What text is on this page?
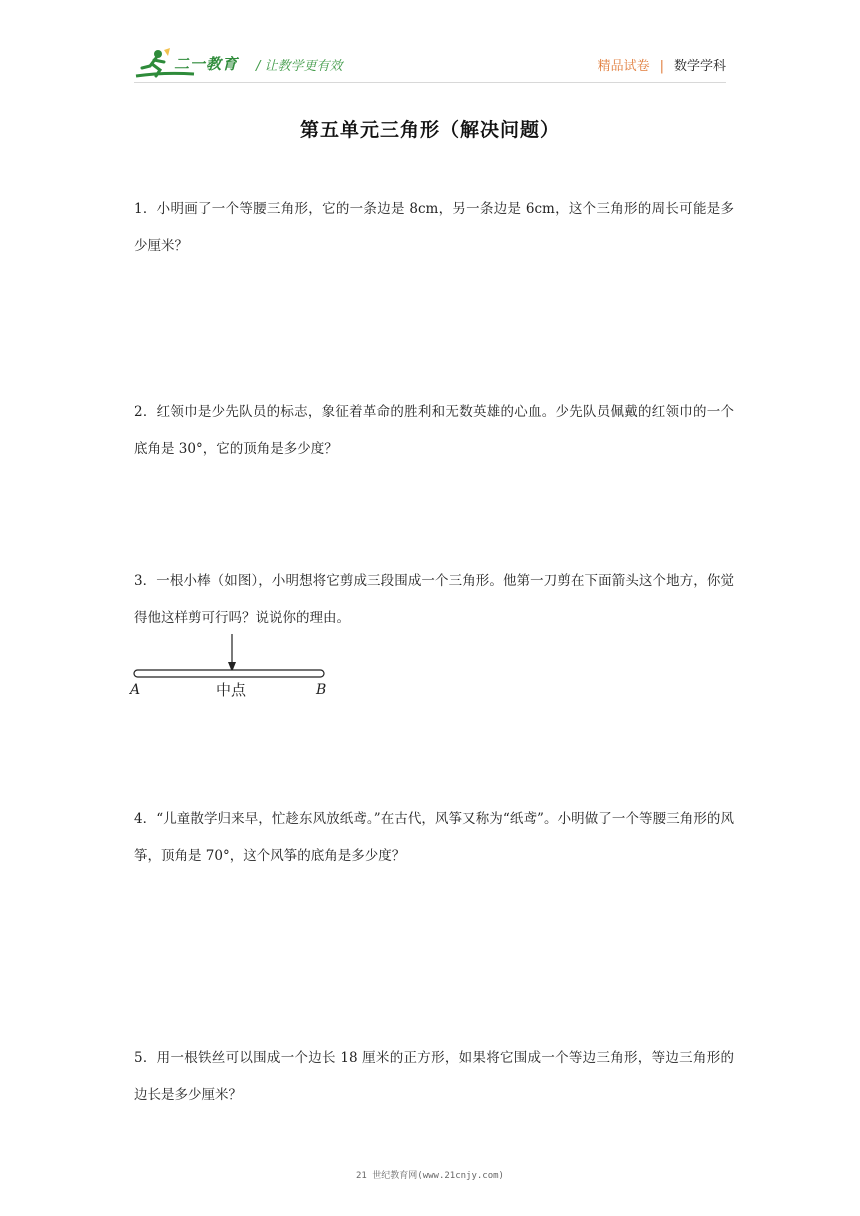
二一教育 / 让教学更有效	精品试卷 | 数学学科
第五单元三角形（解决问题）
1．小明画了一个等腰三角形，它的一条边是 8cm，另一条边是 6cm，这个三角形的周长可能是多少厘米？
2．红领巾是少先队员的标志，象征着革命的胜利和无数英雄的心血。少先队员佩戴的红领巾的一个底角是 30°，它的顶角是多少度？
3．一根小棒（如图），小明想将它剪成三段围成一个三角形。他第一刀剪在下面箭头这个地方，你觉得他这样剪可行吗？说说你的理由。
A	中点	B
4．“儿童散学归来早，忙趁东风放纸鸢。”在古代，风筝又称为“纸鸢”。小明做了一个等腰三角形的风筝，顶角是 70°，这个风筝的底角是多少度？
5．用一根铁丝可以围成一个边长 18 厘米的正方形，如果将它围成一个等边三角形，等边三角形的边长是多少厘米？
21 世纪教育网(www.21cnjy.com)
